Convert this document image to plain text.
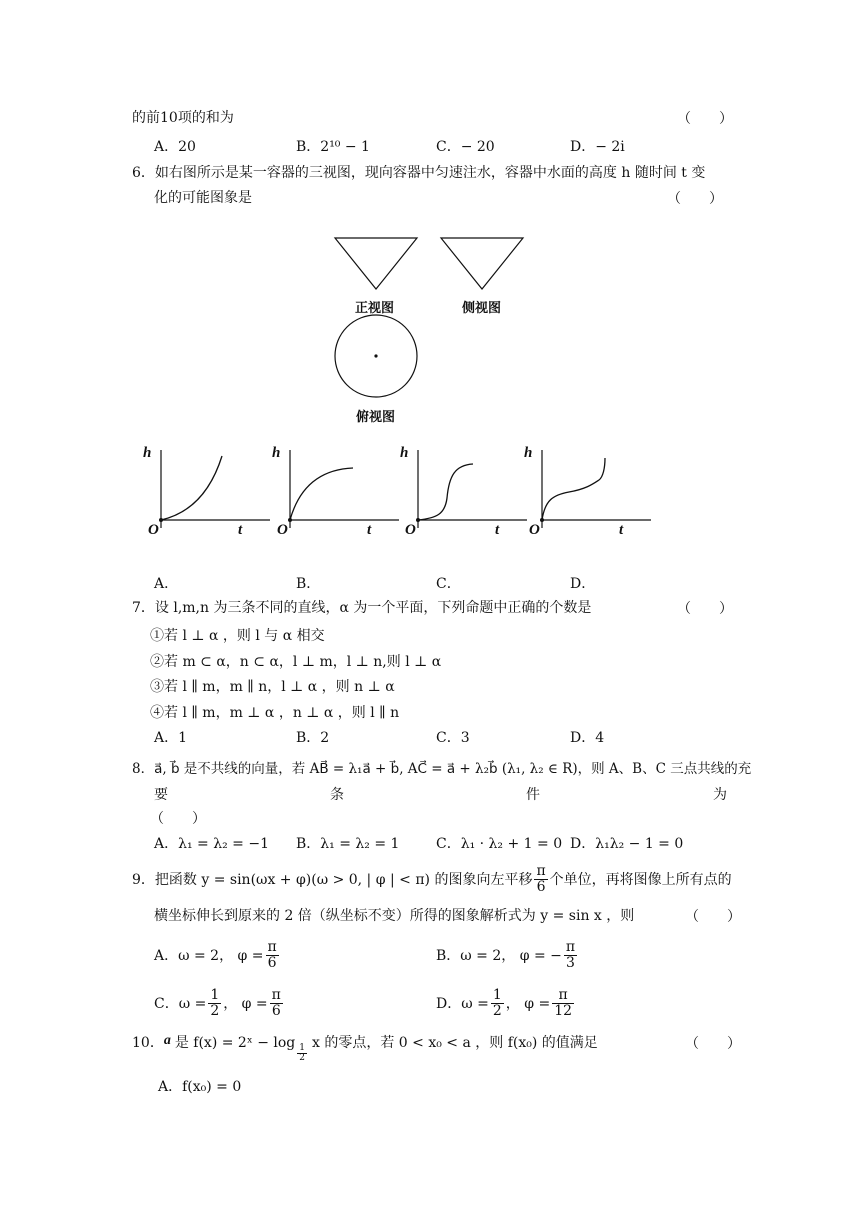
的前10项的和为	（　　）
A．20	B．2¹⁰ − 1	C．− 20	D．− 2i
6．如右图所示是某一容器的三视图，现向容器中匀速注水，容器中水面的高度 h 随时间 t 变
化的可能图象是	（　　）
正视图	侧视图
俯视图
h
O	t
h
O	t
h
O	t
h
O	t
A．	B．	C．	D．
7．设 l,m,n 为三条不同的直线，α 为一个平面，下列命题中正确的个数是	（　　）
①若 l ⊥ α ，则 l 与 α 相交
②若 m ⊂ α，n ⊂ α，l ⊥ m，l ⊥ n,则 l ⊥ α
③若 l ∥ m，m ∥ n，l ⊥ α ，则 n ⊥ α
④若 l ∥ m，m ⊥ α ，n ⊥ α ，则 l ∥ n
A．1	B．2	C．3	D．4
8．a⃗, b⃗ 是不共线的向量，若 AB⃗ = λ₁a⃗ + b⃗, AC⃗ = a⃗ + λ₂b⃗ (λ₁, λ₂ ∈ R)，则 A、B、C 三点共线的充
要	条	件	为
（　　）
A．λ₁ = λ₂ = −1 B．λ₁ = λ₂ = 1	C．λ₁ · λ₂ + 1 = 0 D．λ₁λ₂ − 1 = 0
9．把函数 y = sin(ωx + φ)(ω > 0, | φ | < π) 的图象向左平移 $\frac{\pi}{6}$ 个单位，再将图像上所有点的
横坐标伸长到原来的 2 倍（纵坐标不变）所得的图象解析式为 y = sin x ，则	（　　）
A．ω = 2， $\varphi = \frac{\pi}{6}$	B．ω = 2， φ = − $\frac{\pi}{3}$
C．$\omega = \frac{1}{2}$ ， $\varphi = \frac{\pi}{6}$	D．$\omega = \frac{1}{2}$ ， $\varphi = \frac{\pi}{12}$
10． a 是 f(x) = 2ˣ − log
$\frac{1}{2}$
x 的零点，若 0 < x₀ < a ，则 f(x₀) 的值满足	（　　）
A．f(x₀) = 0
